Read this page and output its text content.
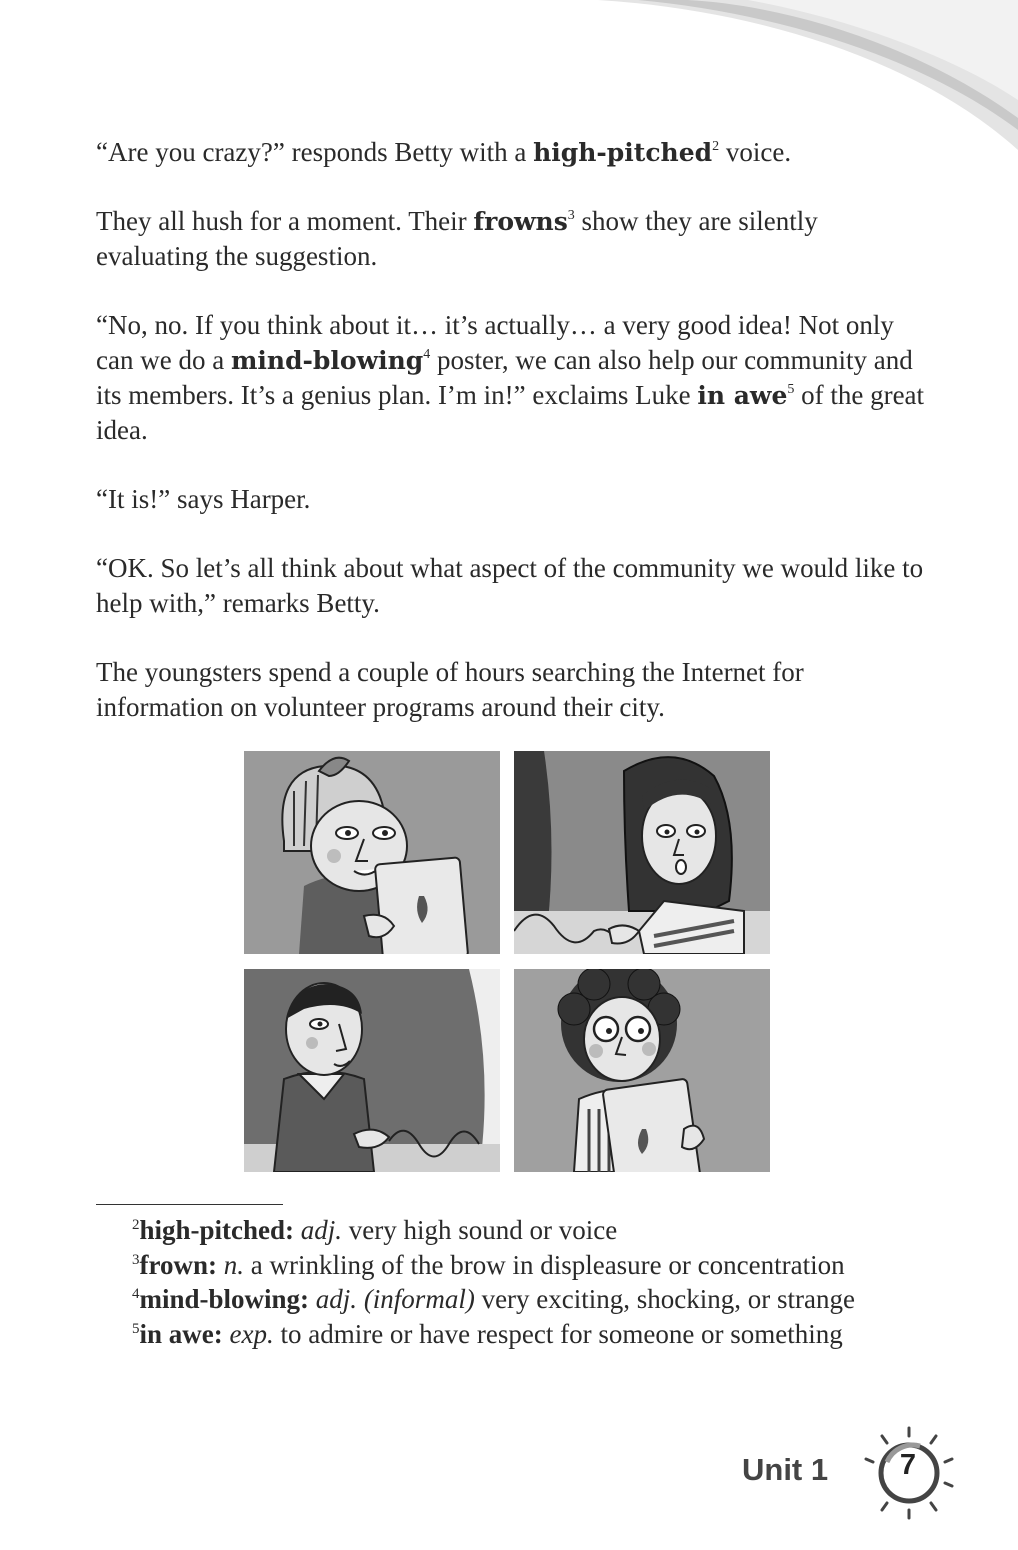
“Are you crazy?” responds Betty with a high-pitched$^2$ voice.

They all hush for a moment. Their frowns$^3$ show they are silently evaluating the suggestion.

“No, no. If you think about it… it’s actually… a very good idea! Not only can we do a mind-blowing$^4$ poster, we can also help our community and its members. It’s a genius plan. I’m in!” exclaims Luke in awe$^5$ of the great idea.

“It is!” says Harper.

“OK. So let’s all think about what aspect of the community we would like to help with,” remarks Betty.

The youngsters spend a couple of hours searching the Internet for information on volunteer programs around their city.

$^2$high-pitched: adj. very high sound or voice

$^3$frown: n. a wrinkling of the brow in displeasure or concentration

$^4$mind-blowing: adj. (informal) very exciting, shocking, or strange

$^5$in awe: exp. to admire or have respect for someone or something

Unit 1	7
